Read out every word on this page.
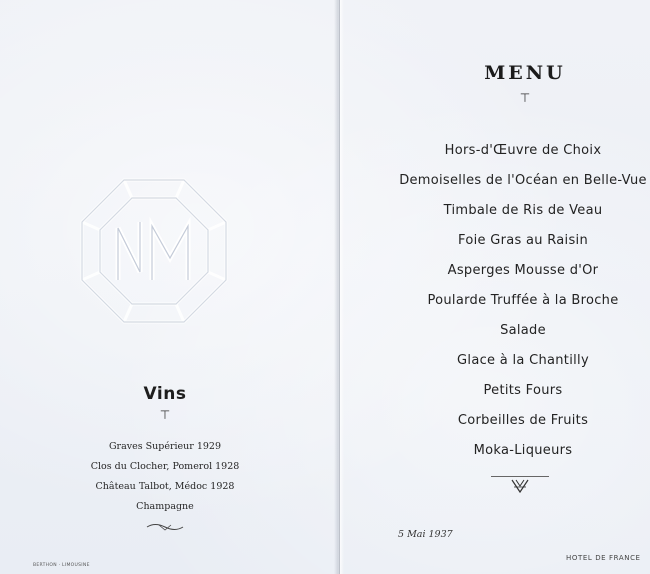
Vins
⊤
Graves Supérieur 1929
Clos du Clocher, Pomerol 1928
Château Talbot, Médoc 1928
Champagne
BERTHON · LIMOUSINE
MENU
⊤
Hors-d'Œuvre de Choix
Demoiselles de l'Océan en Belle-Vue
Timbale de Ris de Veau
Foie Gras au Raisin
Asperges Mousse d'Or
Poularde Truffée à la Broche
Salade
Glace à la Chantilly
Petits Fours
Corbeilles de Fruits
Moka-Liqueurs
5 Mai 1937
HOTEL DE FRANCE
